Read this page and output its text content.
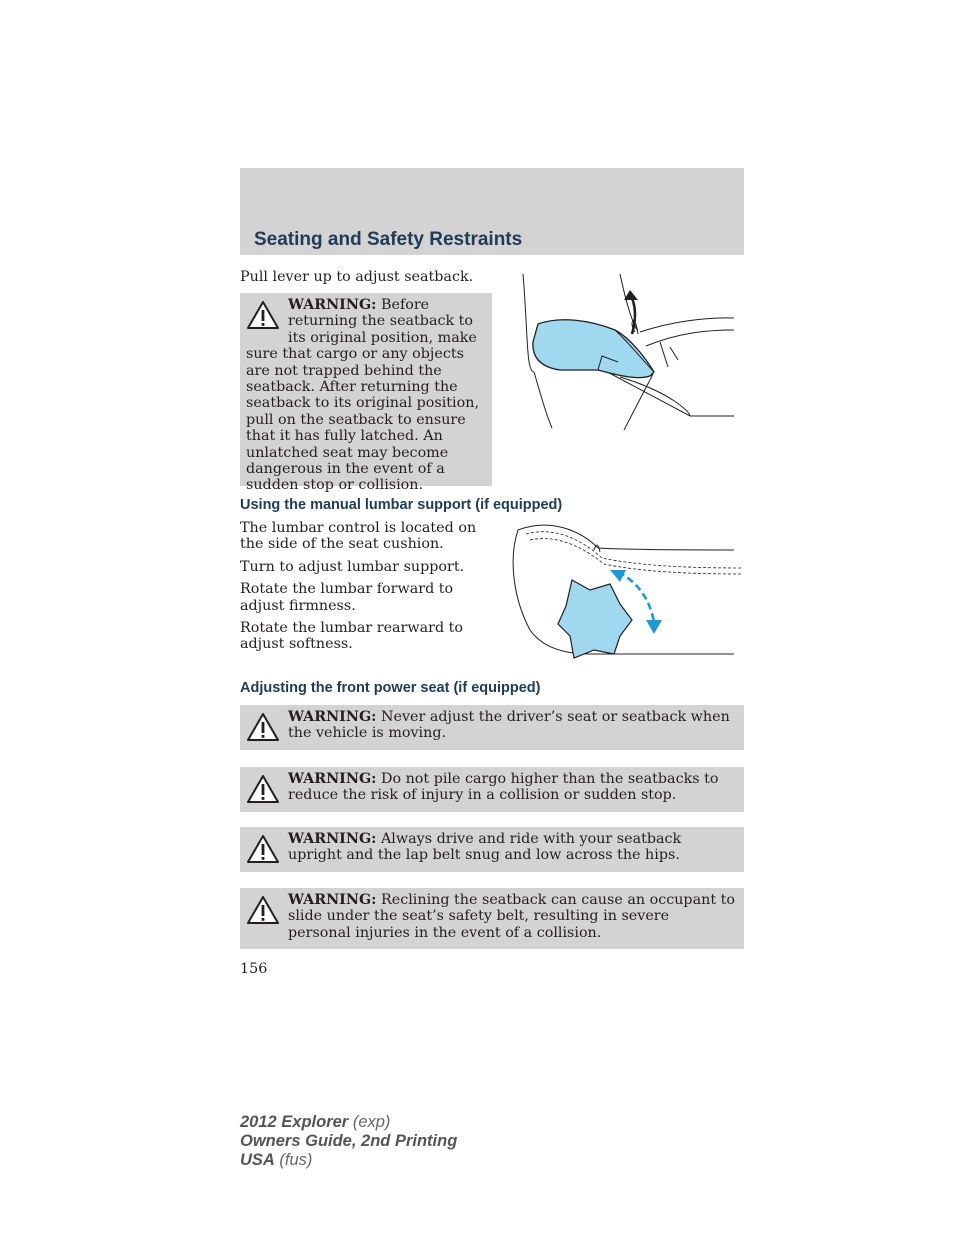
Seating and Safety Restraints

Pull lever up to adjust seatback.

WARNING: Before returning the seatback to its original position, make sure that cargo or any objects are not trapped behind the seatback. After returning the seatback to its original position, pull on the seatback to ensure that it has fully latched. An unlatched seat may become dangerous in the event of a sudden stop or collision.
Using the manual lumbar support (if equipped)

The lumbar control is located on the side of the seat cushion.

Turn to adjust lumbar support.

Rotate the lumbar forward to adjust firmness.

Rotate the lumbar rearward to adjust softness.

Adjusting the front power seat (if equipped)
WARNING: Never adjust the driver’s seat or seatback when the vehicle is moving.
WARNING: Do not pile cargo higher than the seatbacks to reduce the risk of injury in a collision or sudden stop.
WARNING: Always drive and ride with your seatback upright and the lap belt snug and low across the hips.
WARNING: Reclining the seatback can cause an occupant to slide under the seat’s safety belt, resulting in severe personal injuries in the event of a collision.
156
2012 Explorer (exp)
Owners Guide, 2nd Printing
USA (fus)
